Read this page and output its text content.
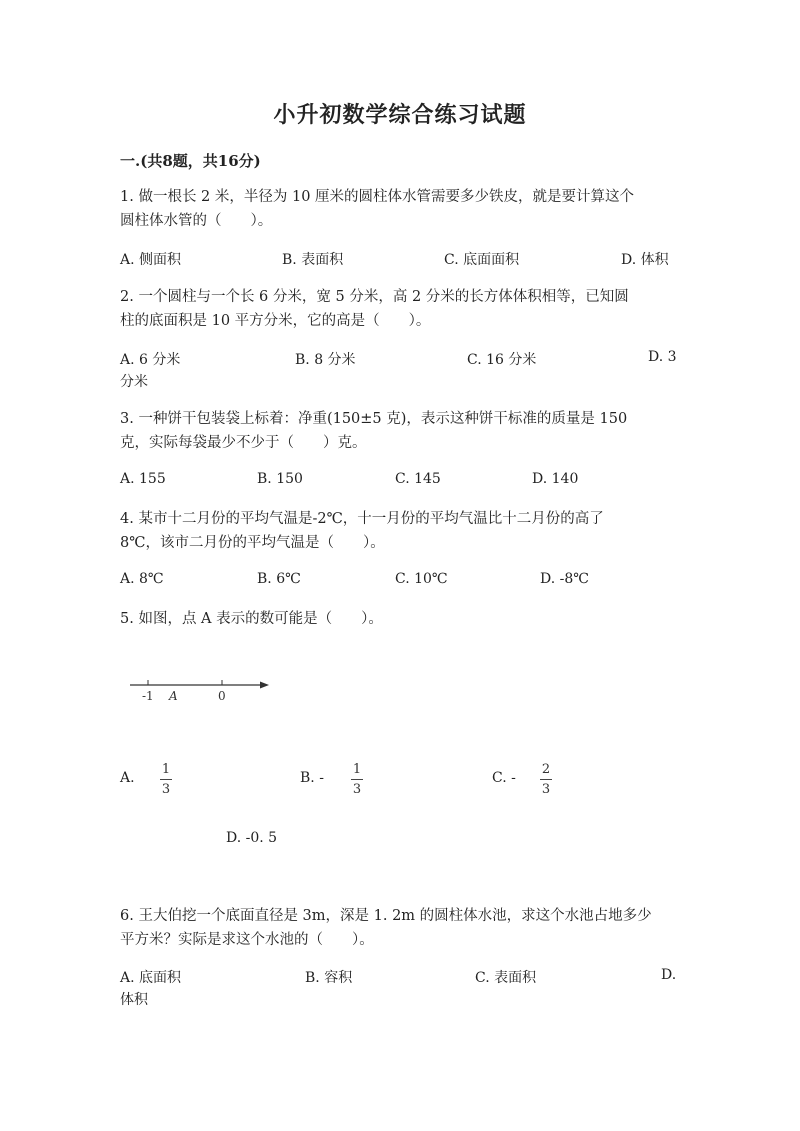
小升初数学综合练习试题
一.(共8题，共16分)
1. 做一根长 2 米，半径为 10 厘米的圆柱体水管需要多少铁皮，就是要计算这个
圆柱体水管的（　　）。
A. 侧面积	B. 表面积	C. 底面面积	D. 体积
2. 一个圆柱与一个长 6 分米，宽 5 分米，高 2 分米的长方体体积相等，已知圆
柱的底面积是 10 平方分米，它的高是（　　）。
A. 6 分米	B. 8 分米	C. 16 分米	D. 3
分米
3. 一种饼干包装袋上标着：净重(150±5 克)，表示这种饼干标准的质量是 150
克，实际每袋最少不少于（　　）克。
A. 155	B. 150	C. 145	D. 140
4. 某市十二月份的平均气温是-2℃，十一月份的平均气温比十二月份的高了
8℃，该市二月份的平均气温是（　　）。
A. 8℃	B. 6℃	C. 10℃	D. -8℃
5. 如图，点 A 表示的数可能是（　　）。
-1 A	0
A.
1
3
B. -
1
3
C. -
2
3
D. -0. 5
6. 王大伯挖一个底面直径是 3m，深是 1. 2m 的圆柱体水池，求这个水池占地多少
平方米？实际是求这个水池的（　　）。
A. 底面积	B. 容积	C. 表面积	D.
体积
